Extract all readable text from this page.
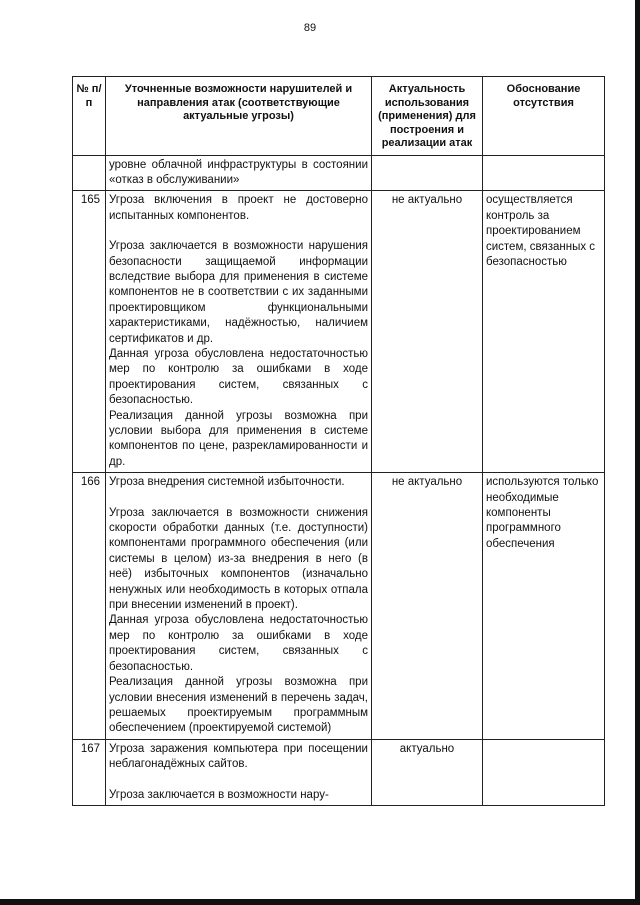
89
№ п/п	Уточненные возможности нарушителей и направления атак (соответствующие актуальные угрозы)	Актуальность использования (применения) для построения и реализации атак	Обоснование отсутствия

	уровне облачной инфраструктуры в состоянии «отказ в обслуживании»		

165	Угроза включения в проект не достоверно испытанных компонентов.

Угроза заключается в возможности нарушения безопасности защищаемой информации вследствие выбора для применения в системе компонентов не в соответствии с их заданными проектировщиком функциональными характеристиками, надёжностью, наличием сертификатов и др.

Данная угроза обусловлена недостаточностью мер по контролю за ошибками в ходе проектирования систем, связанных с безопасностью.

Реализация данной угрозы возможна при условии выбора для применения в системе компонентов по цене, разрекламированности и др.	не актуально	осуществляется контроль за проектированием систем, связанных с безопасностью
166	Угроза внедрения системной избыточности.

Угроза заключается в возможности снижения скорости обработки данных (т.е. доступности) компонентами программного обеспечения (или системы в целом) из-за внедрения в него (в неё) избыточных компонентов (изначально ненужных или необходимость в которых отпала при внесении изменений в проект).

Данная угроза обусловлена недостаточностью мер по контролю за ошибками в ходе проектирования систем, связанных с безопасностью.

Реализация данной угрозы возможна при условии внесения изменений в перечень задач, решаемых проектируемым программным обеспечением (проектируемой системой)	не актуально	используются только необходимые компоненты программного обеспечения
167	Угроза заражения компьютера при посещении неблагонадёжных сайтов.

Угроза заключается в возможности нару-	актуально	
